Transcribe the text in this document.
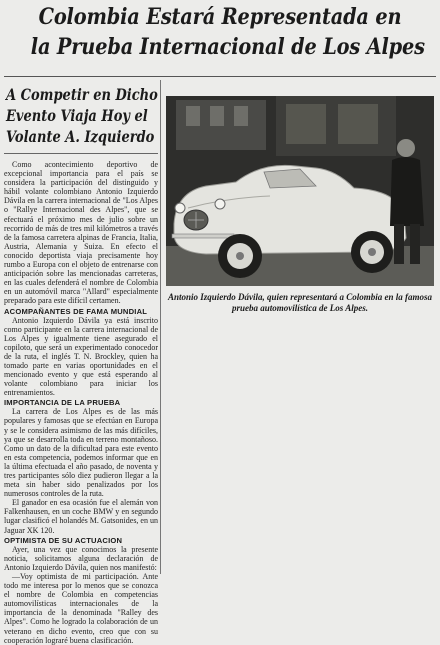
Colombia Estará Representada en
la Prueba Internacional de Los Alpes
A Competir en Dicho
Evento Viaja Hoy el
Volante A. Izquierdo

Como acontecimiento deportivo de excepcional importancia para el país se considera la participación del distinguido y hábil volante colombiano Antonio Izquierdo Dávila en la carrera internacional de "Los Alpes o "Rallye Internacional des Alpes", que se efectuará el próximo mes de julio sobre un recorrido de más de tres mil kilómetros a través de la famosa carretera alpinas de Francia, Italia, Austria, Alemania y Suiza. En efecto el conocido deportista viaja precisamente hoy rumbo a Europa con el objeto de entrenarse con anticipación sobre las mencionadas carreteras, en las cuales defenderá el nombre de Colombia en un automóvil marca "Allard" especialmente preparado para este difícil certamen.

ACOMPAÑANTES DE FAMA MUNDIAL

Antonio Izquierdo Dávila ya está inscrito como participante en la carrera internacional de Los Alpes y igualmente tiene asegurado el copiloto, que será un experimentado conocedor de la ruta, el inglés T. N. Brockley, quien ha tomado parte en varias oportunidades en el mencionado evento y que está esperando al volante colombiano para iniciar los entrenamientos.

IMPORTANCIA DE LA PRUEBA

La carrera de Los Alpes es de las más populares y famosas que se efectúan en Europa y se le considera asimismo de las más difíciles, ya que se desarrolla toda en terreno montañoso. Como un dato de la dificultad para este evento en esta competencia, podemos informar que en la última efectuada el año pasado, de noventa y tres participantes sólo diez pudieron llegar a la meta sin haber sido penalizados por los numerosos controles de la ruta.

El ganador en esa ocasión fue el alemán von Falkenhausen, en un coche BMW y en segundo lugar clasificó el holandés M. Gatsonides, en un Jaguar XK 120.

OPTIMISTA DE SU ACTUACION

Ayer, una vez que conocimos la presente noticia, solicitamos alguna declaración de Antonio Izquierdo Dávila, quien nos manifestó:

—Voy optimista de mi participación. Ante todo me interesa por lo menos que se conozca el nombre de Colombia en competencias automovilísticas internacionales de la importancia de la denominada "Ralley des Alpes". Como he logrado la colaboración de un veterano en dicho evento, creo que con su cooperación lograré buena clasificación.

Antonio Izquierdo Dávila, quien representará a Colombia en la famosa prueba automovilística de Los Alpes.
